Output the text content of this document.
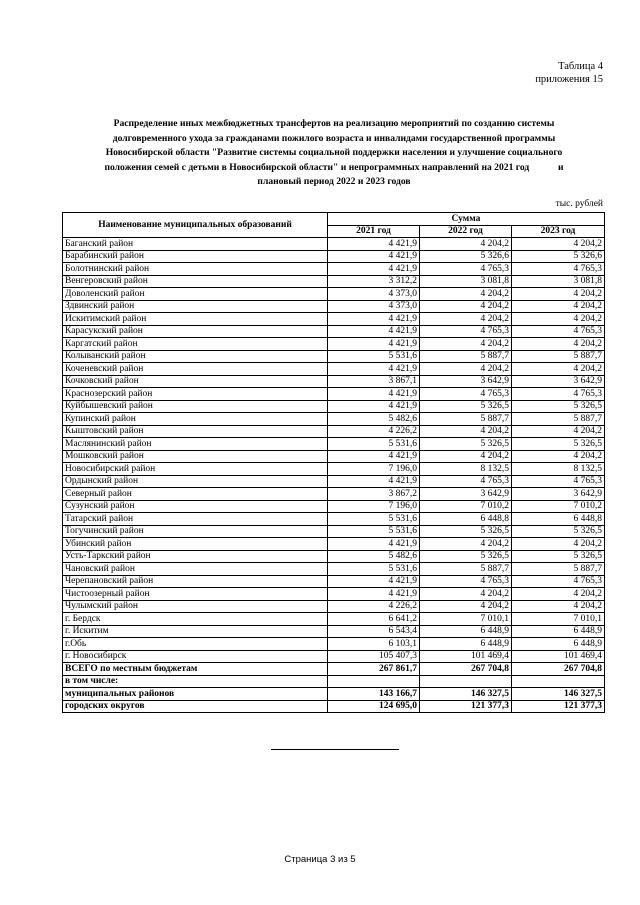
Таблица 4
приложения 15
Распределение иных межбюджетных трансфертов на реализацию мероприятий по созданию системы
долговременного ухода за гражданами пожилого возраста и инвалидами государственной программы
Новосибирской области "Развитие системы социальной поддержки населения и улучшение социального
положения семей с детьми в Новосибирской области" и непрограммных направлений на 2021 год            и
плановый период 2022 и 2023 годов
тыс. рублей
Наименование муниципальных образований	Сумма		
	2021 год	2022 год	2023 год
Баганский район	4 421,9	4 204,2	4 204,2
Барабинский район	4 421,9	5 326,6	5 326,6
Болотнинский район	4 421,9	4 765,3	4 765,3
Венгеровский район	3 312,2	3 081,8	3 081,8
Доволенский район	4 373,0	4 204,2	4 204,2
Здвинский район	4 373,0	4 204,2	4 204,2
Искитимский район	4 421,9	4 204,2	4 204,2
Карасукский район	4 421,9	4 765,3	4 765,3
Каргатский район	4 421,9	4 204,2	4 204,2
Колыванский район	5 531,6	5 887,7	5 887,7
Коченевский район	4 421,9	4 204,2	4 204,2
Кочковский район	3 867,1	3 642,9	3 642,9
Краснозерский район	4 421,9	4 765,3	4 765,3
Куйбышевский район	4 421,9	5 326,5	5 326,5
Купинский район	5 482,6	5 887,7	5 887,7
Кыштовский район	4 226,2	4 204,2	4 204,2
Маслянинский район	5 531,6	5 326,5	5 326,5
Мошковский район	4 421,9	4 204,2	4 204,2
Новосибирский район	7 196,0	8 132,5	8 132,5
Ордынский район	4 421,9	4 765,3	4 765,3
Северный район	3 867,2	3 642,9	3 642,9
Сузунский район	7 196,0	7 010,2	7 010,2
Татарский район	5 531,6	6 448,8	6 448,8
Тогучинский район	5 531,6	5 326,5	5 326,5
Убинский район	4 421,9	4 204,2	4 204,2
Усть-Таркский район	5 482,6	5 326,5	5 326,5
Чановский район	5 531,6	5 887,7	5 887,7
Черепановский район	4 421,9	4 765,3	4 765,3
Чистоозерный район	4 421,9	4 204,2	4 204,2
Чулымский район	4 226,2	4 204,2	4 204,2
г. Бердск	6 641,2	7 010,1	7 010,1
г. Искитим	6 543,4	6 448,9	6 448,9
г.Обь	6 103,1	6 448,9	6 448,9
г. Новосибирск	105 407,3	101 469,4	101 469,4
ВСЕГО по местным бюджетам	267 861,7	267 704,8	267 704,8
в том числе:			
муниципальных районов	143 166,7	146 327,5	146 327,5
городских округов	124 695,0	121 377,3	121 377,3
Страница 3 из 5
